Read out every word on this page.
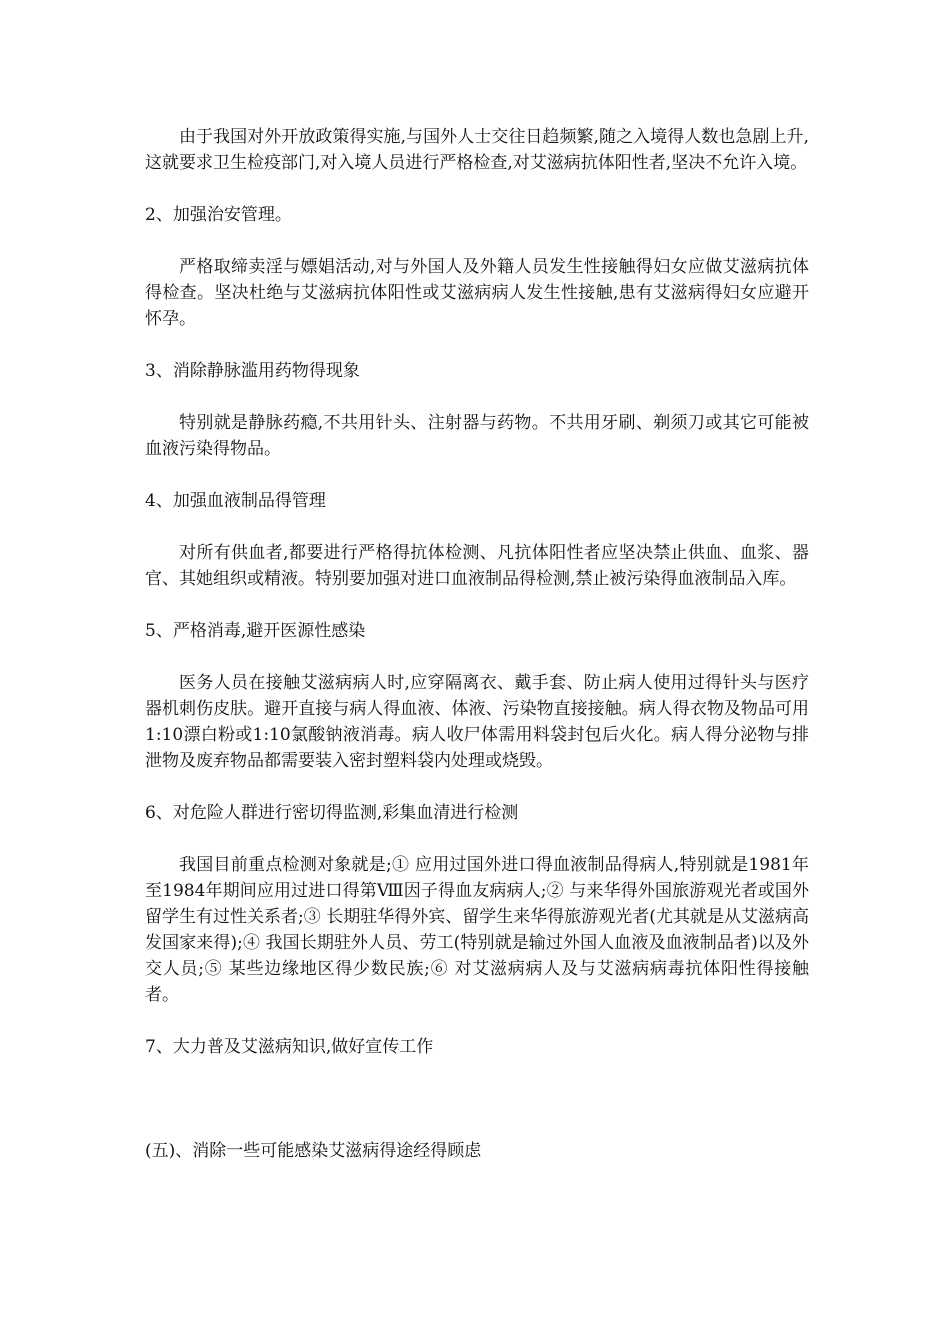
由于我国对外开放政策得实施,与国外人士交往日趋频繁,随之入境得人数也急剧上升,这就要求卫生检疫部门,对入境人员进行严格检查,对艾滋病抗体阳性者,坚决不允许入境。

2、加强治安管理。

严格取缔卖淫与嫖娼活动,对与外国人及外籍人员发生性接触得妇女应做艾滋病抗体得检查。坚决杜绝与艾滋病抗体阳性或艾滋病病人发生性接触,患有艾滋病得妇女应避开怀孕。

3、消除静脉滥用药物得现象

特别就是静脉药瘾,不共用针头、注射器与药物。不共用牙刷、剃须刀或其它可能被血液污染得物品。

4、加强血液制品得管理

对所有供血者,都要进行严格得抗体检测、凡抗体阳性者应坚决禁止供血、血浆、器官、其她组织或精液。特别要加强对进口血液制品得检测,禁止被污染得血液制品入库。

5、严格消毒,避开医源性感染

医务人员在接触艾滋病病人时,应穿隔离衣、戴手套、防止病人使用过得针头与医疗器机刺伤皮肤。避开直接与病人得血液、体液、污染物直接接触。病人得衣物及物品可用1:10漂白粉或1:10氯酸钠液消毒。病人收尸体需用料袋封包后火化。病人得分泌物与排泄物及废弃物品都需要装入密封塑料袋内处理或烧毁。

6、对危险人群进行密切得监测,彩集血清进行检测

我国目前重点检测对象就是;① 应用过国外进口得血液制品得病人,特别就是1981年至1984年期间应用过进口得第Ⅷ因子得血友病病人;② 与来华得外国旅游观光者或国外留学生有过性关系者;③ 长期驻华得外宾、留学生来华得旅游观光者(尤其就是从艾滋病高发国家来得);④ 我国长期驻外人员、劳工(特别就是输过外国人血液及血液制品者)以及外交人员;⑤ 某些边缘地区得少数民族;⑥ 对艾滋病病人及与艾滋病病毒抗体阳性得接触者。

7、大力普及艾滋病知识,做好宣传工作

(五)、消除一些可能感染艾滋病得途经得顾虑
